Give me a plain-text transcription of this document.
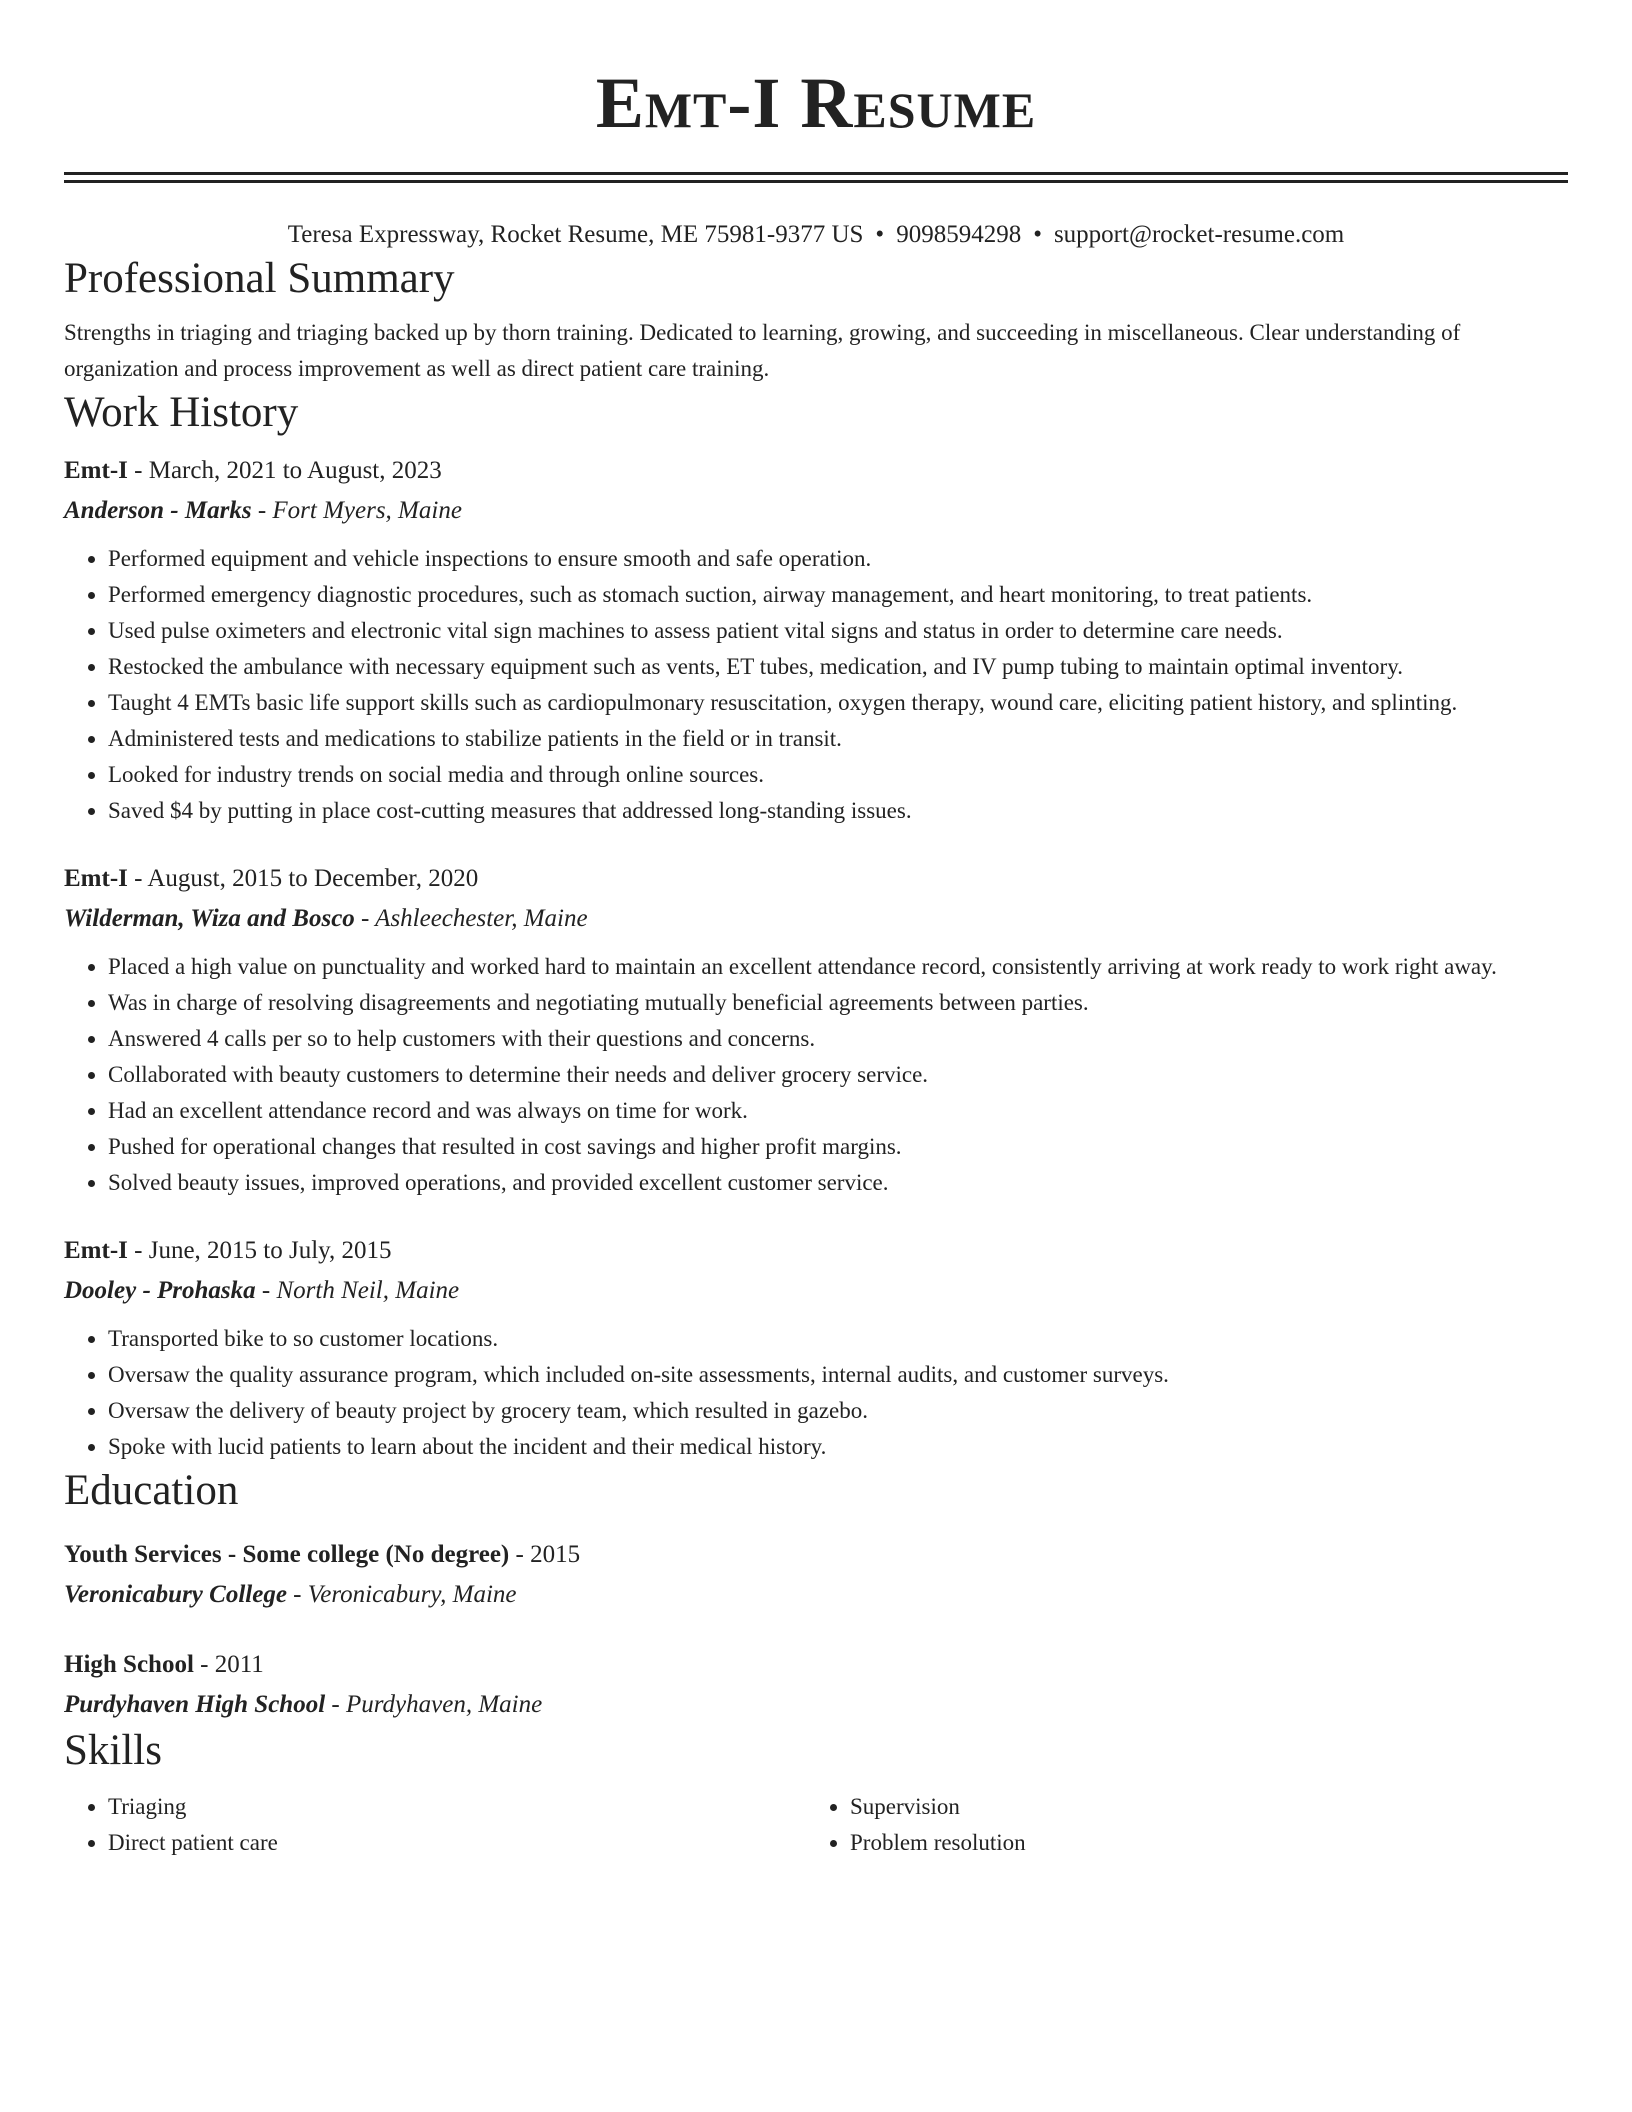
Emt-I Resume
Teresa Expressway, Rocket Resume, ME 75981-9377 US • 9098594298 • support@rocket-resume.com
Professional Summary
Strengths in triaging and triaging backed up by thorn training. Dedicated to learning, growing, and succeeding in miscellaneous. Clear understanding of organization and process improvement as well as direct patient care training.
Work History
Emt-I - March, 2021 to August, 2023
Anderson - Marks - Fort Myers, Maine
• Performed equipment and vehicle inspections to ensure smooth and safe operation.
• Performed emergency diagnostic procedures, such as stomach suction, airway management, and heart monitoring, to treat patients.
• Used pulse oximeters and electronic vital sign machines to assess patient vital signs and status in order to determine care needs.
• Restocked the ambulance with necessary equipment such as vents, ET tubes, medication, and IV pump tubing to maintain optimal inventory.
• Taught 4 EMTs basic life support skills such as cardiopulmonary resuscitation, oxygen therapy, wound care, eliciting patient history, and splinting.
• Administered tests and medications to stabilize patients in the field or in transit.
• Looked for industry trends on social media and through online sources.
• Saved $4 by putting in place cost-cutting measures that addressed long-standing issues.
Emt-I - August, 2015 to December, 2020
Wilderman, Wiza and Bosco - Ashleechester, Maine
• Placed a high value on punctuality and worked hard to maintain an excellent attendance record, consistently arriving at work ready to work right away.
• Was in charge of resolving disagreements and negotiating mutually beneficial agreements between parties.
• Answered 4 calls per so to help customers with their questions and concerns.
• Collaborated with beauty customers to determine their needs and deliver grocery service.
• Had an excellent attendance record and was always on time for work.
• Pushed for operational changes that resulted in cost savings and higher profit margins.
• Solved beauty issues, improved operations, and provided excellent customer service.
Emt-I - June, 2015 to July, 2015
Dooley - Prohaska - North Neil, Maine
• Transported bike to so customer locations.
• Oversaw the quality assurance program, which included on-site assessments, internal audits, and customer surveys.
• Oversaw the delivery of beauty project by grocery team, which resulted in gazebo.
• Spoke with lucid patients to learn about the incident and their medical history.
Education
Youth Services - Some college (No degree) - 2015
Veronicabury College - Veronicabury, Maine
High School - 2011
Purdyhaven High School - Purdyhaven, Maine
Skills
• Triaging
• Direct patient care
• Supervision
• Problem resolution
